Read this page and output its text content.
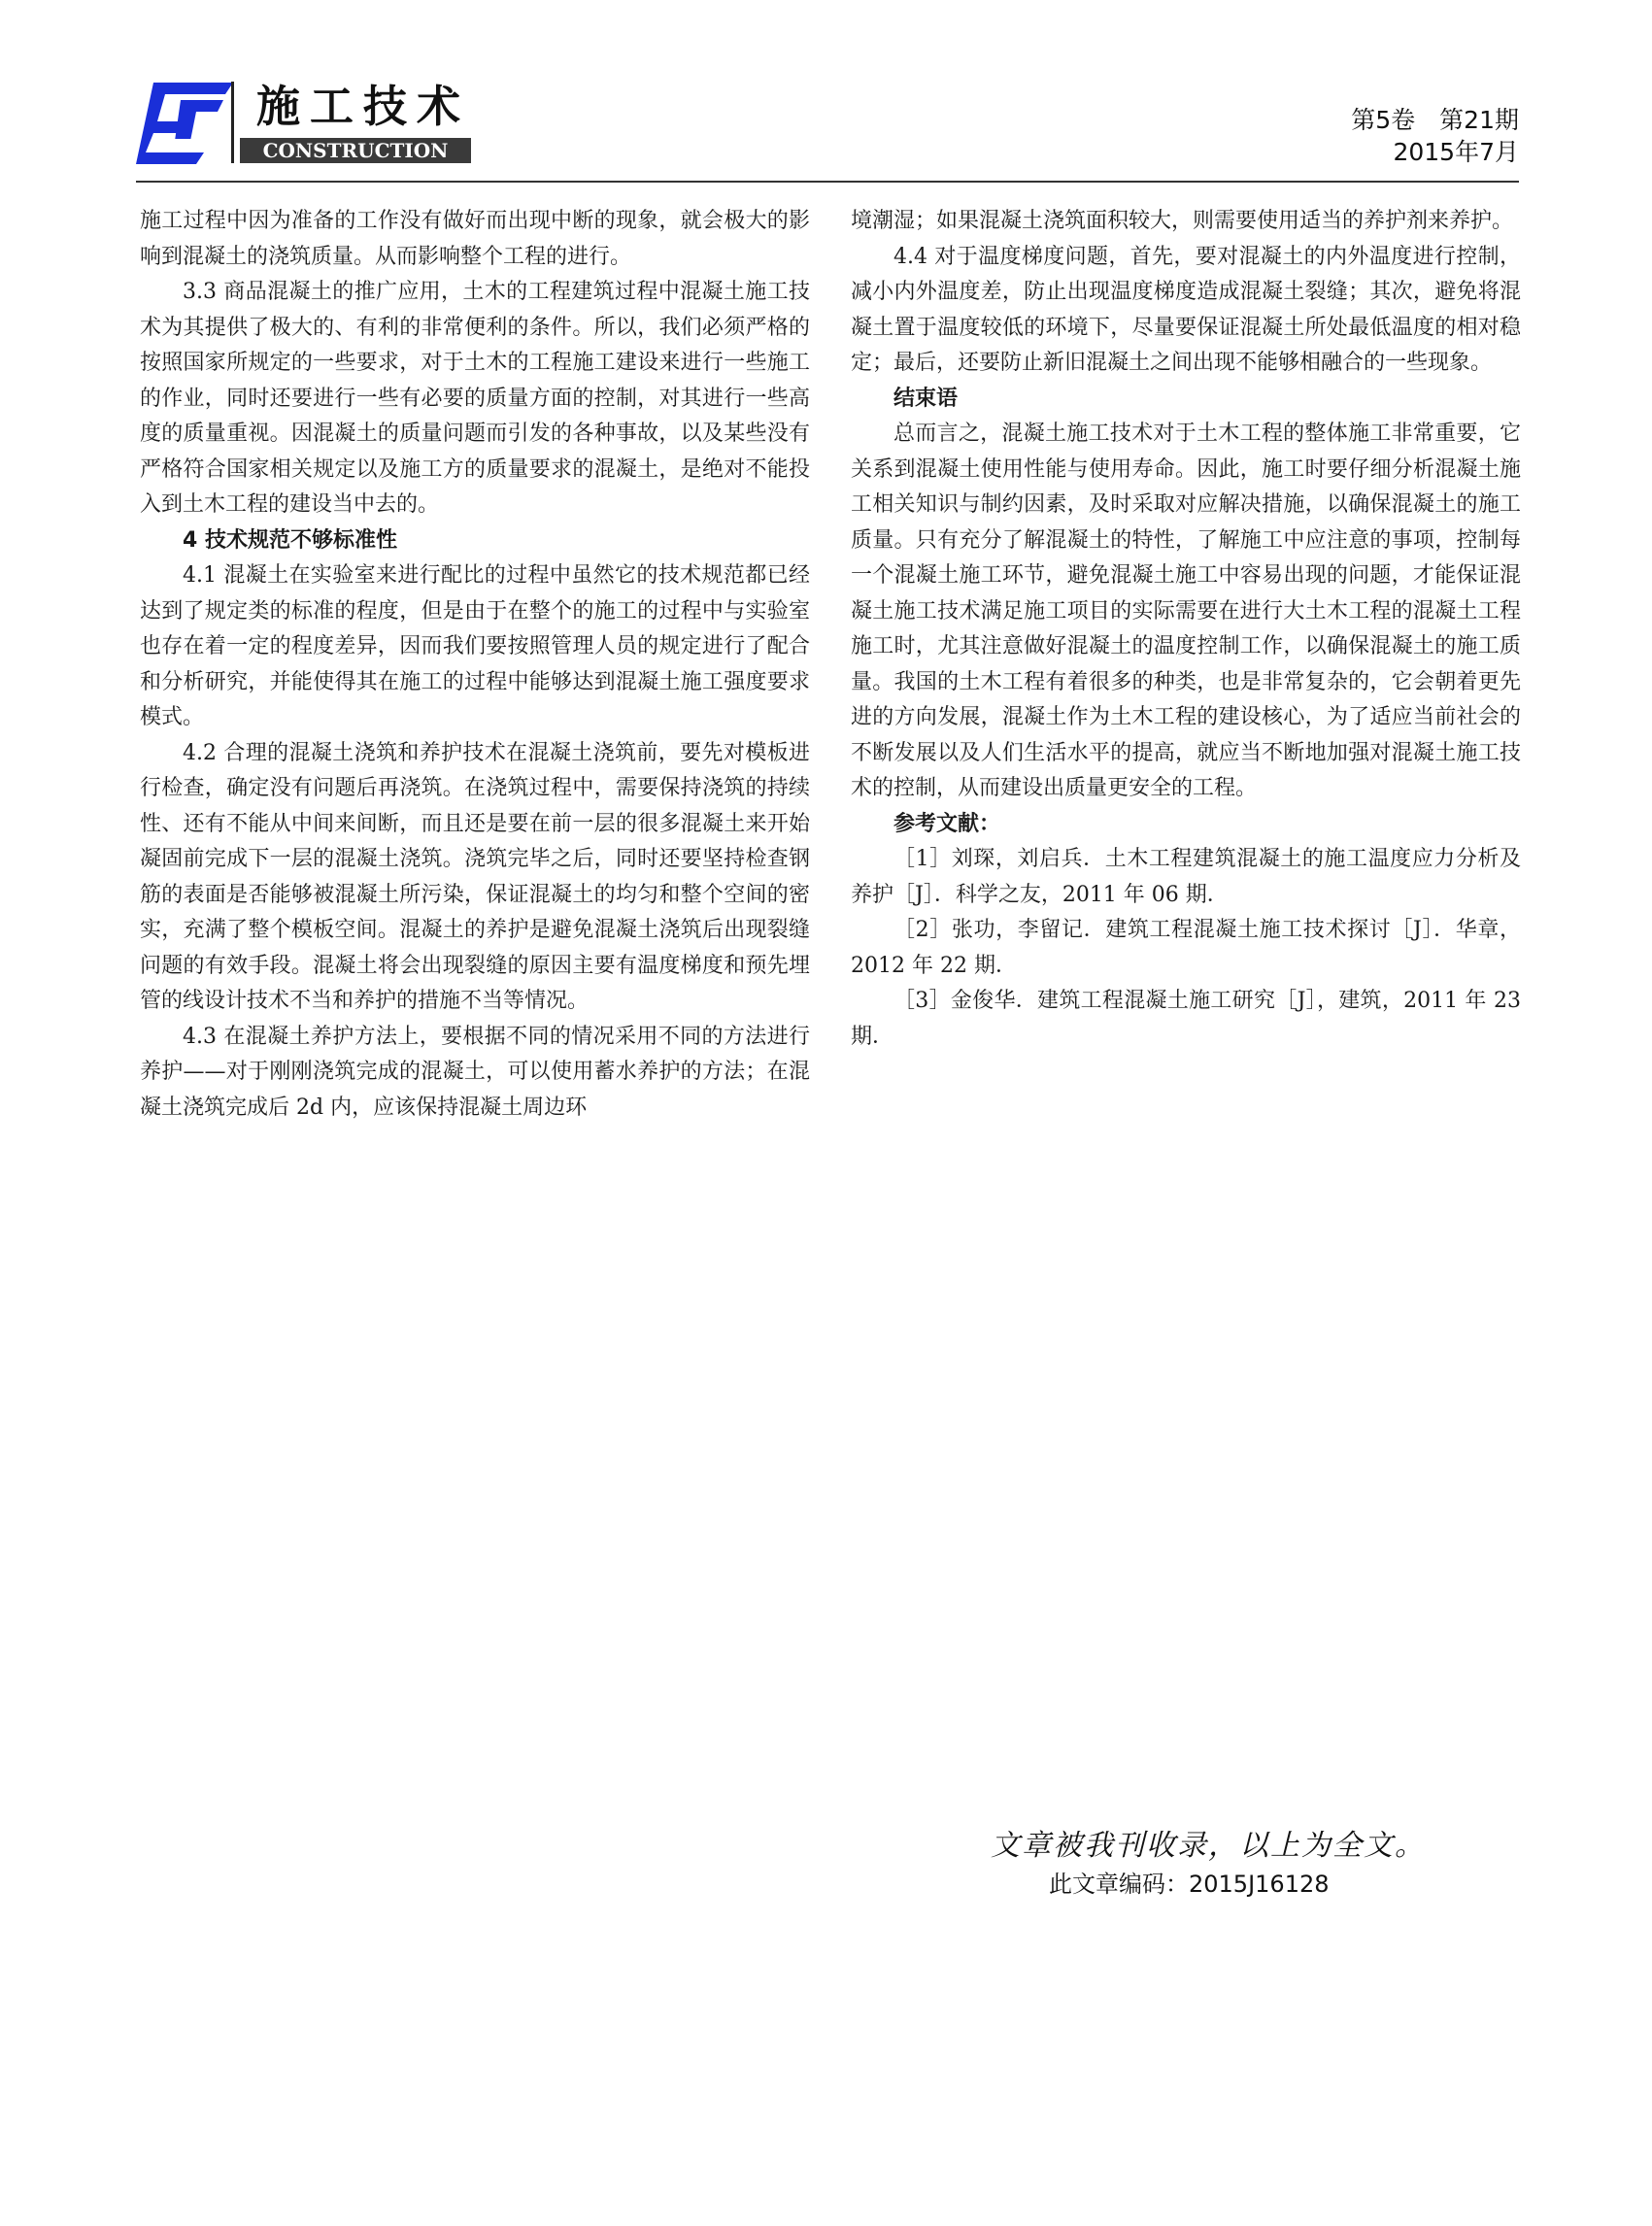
施工技术
CONSTRUCTION
第5卷　第21期
2015年7月

施工过程中因为准备的工作没有做好而出现中断的现象，就会极大的影响到混凝土的浇筑质量。从而影响整个工程的进行。

3.3 商品混凝土的推广应用，土木的工程建筑过程中混凝土施工技术为其提供了极大的、有利的非常便利的条件。所以，我们必须严格的按照国家所规定的一些要求，对于土木的工程施工建设来进行一些施工的作业，同时还要进行一些有必要的质量方面的控制，对其进行一些高度的质量重视。因混凝土的质量问题而引发的各种事故，以及某些没有严格符合国家相关规定以及施工方的质量要求的混凝土，是绝对不能投入到土木工程的建设当中去的。

4 技术规范不够标准性

4.1 混凝土在实验室来进行配比的过程中虽然它的技术规范都已经达到了规定类的标准的程度，但是由于在整个的施工的过程中与实验室也存在着一定的程度差异，因而我们要按照管理人员的规定进行了配合和分析研究，并能使得其在施工的过程中能够达到混凝土施工强度要求模式。

4.2 合理的混凝土浇筑和养护技术在混凝土浇筑前，要先对模板进行检查，确定没有问题后再浇筑。在浇筑过程中，需要保持浇筑的持续性、还有不能从中间来间断，而且还是要在前一层的很多混凝土来开始凝固前完成下一层的混凝土浇筑。浇筑完毕之后，同时还要坚持检查钢筋的表面是否能够被混凝土所污染，保证混凝土的均匀和整个空间的密实，充满了整个模板空间。混凝土的养护是避免混凝土浇筑后出现裂缝问题的有效手段。混凝土将会出现裂缝的原因主要有温度梯度和预先埋管的线设计技术不当和养护的措施不当等情况。

4.3 在混凝土养护方法上，要根据不同的情况采用不同的方法进行养护——对于刚刚浇筑完成的混凝土，可以使用蓄水养护的方法；在混凝土浇筑完成后 2d 内，应该保持混凝土周边环

境潮湿；如果混凝土浇筑面积较大，则需要使用适当的养护剂来养护。

4.4 对于温度梯度问题，首先，要对混凝土的内外温度进行控制，减小内外温度差，防止出现温度梯度造成混凝土裂缝；其次，避免将混凝土置于温度较低的环境下，尽量要保证混凝土所处最低温度的相对稳定；最后，还要防止新旧混凝土之间出现不能够相融合的一些现象。

结束语

总而言之，混凝土施工技术对于土木工程的整体施工非常重要，它关系到混凝土使用性能与使用寿命。因此，施工时要仔细分析混凝土施工相关知识与制约因素，及时采取对应解决措施，以确保混凝土的施工质量。只有充分了解混凝土的特性，了解施工中应注意的事项，控制每一个混凝土施工环节，避免混凝土施工中容易出现的问题，才能保证混凝土施工技术满足施工项目的实际需要在进行大土木工程的混凝土工程施工时，尤其注意做好混凝土的温度控制工作，以确保混凝土的施工质量。我国的土木工程有着很多的种类，也是非常复杂的，它会朝着更先进的方向发展，混凝土作为土木工程的建设核心，为了适应当前社会的不断发展以及人们生活水平的提高，就应当不断地加强对混凝土施工技术的控制，从而建设出质量更安全的工程。

参考文献：

［1］刘琛，刘启兵．土木工程建筑混凝土的施工温度应力分析及养护［J］．科学之友，2011 年 06 期．

［2］张功，李留记．建筑工程混凝土施工技术探讨［J］．华章，2012 年 22 期．

［3］金俊华．建筑工程混凝土施工研究［J］，建筑，2011 年 23 期．

文章被我刊收录，以上为全文。
此文章编码：2015J16128
